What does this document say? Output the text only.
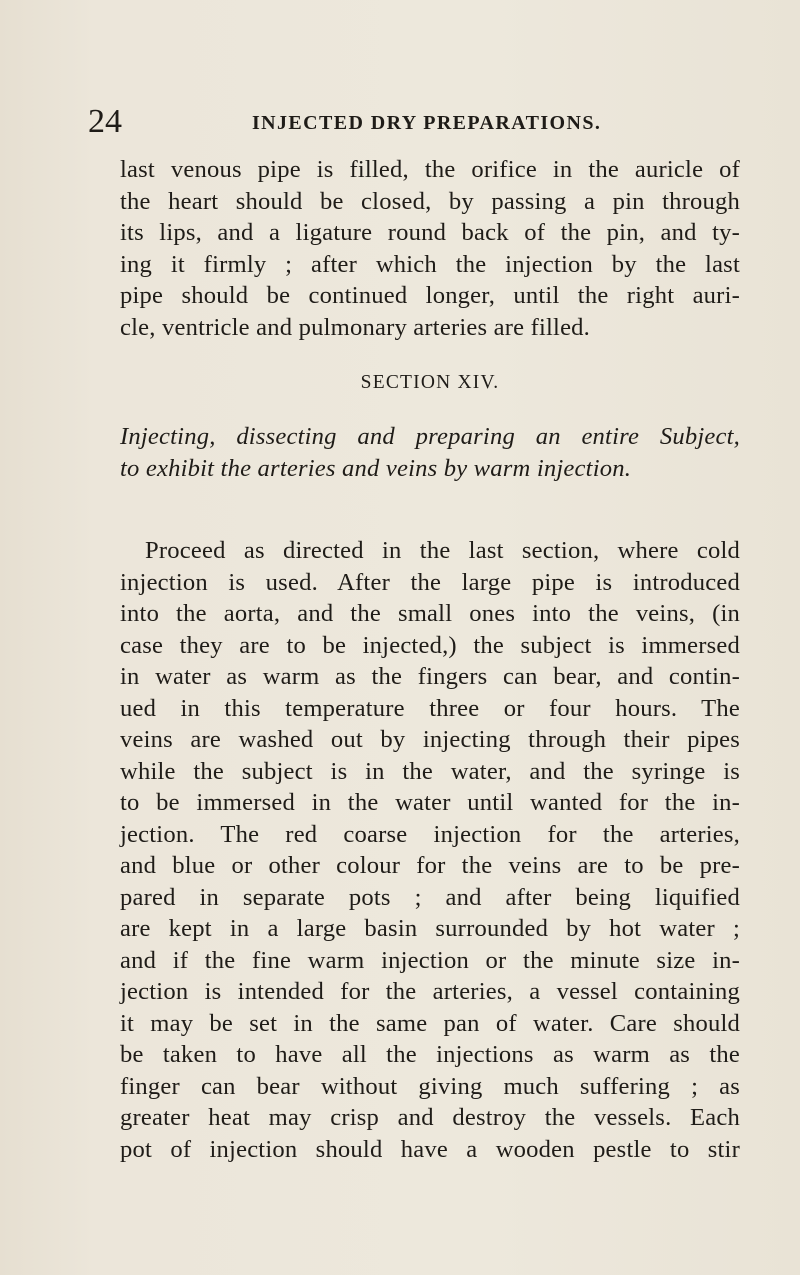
24	INJECTED DRY PREPARATIONS.
last venous pipe is filled, the orifice in the auricle of
the heart should be closed, by passing a pin through
its lips, and a ligature round back of the pin, and ty-
ing it firmly ; after which the injection by the last
pipe should be continued longer, until the right auri-
cle, ventricle and pulmonary arteries are filled.
SECTION XIV.
Injecting, dissecting and preparing an entire Subject,
to exhibit the arteries and veins by warm injection.
Proceed as directed in the last section, where cold
injection is used. After the large pipe is introduced
into the aorta, and the small ones into the veins, (in
case they are to be injected,) the subject is immersed
in water as warm as the fingers can bear, and contin-
ued in this temperature three or four hours. The
veins are washed out by injecting through their pipes
while the subject is in the water, and the syringe is
to be immersed in the water until wanted for the in-
jection. The red coarse injection for the arteries,
and blue or other colour for the veins are to be pre-
pared in separate pots ; and after being liquified
are kept in a large basin surrounded by hot water ;
and if the fine warm injection or the minute size in-
jection is intended for the arteries, a vessel containing
it may be set in the same pan of water. Care should
be taken to have all the injections as warm as the
finger can bear without giving much suffering ; as
greater heat may crisp and destroy the vessels. Each
pot of injection should have a wooden pestle to stir
